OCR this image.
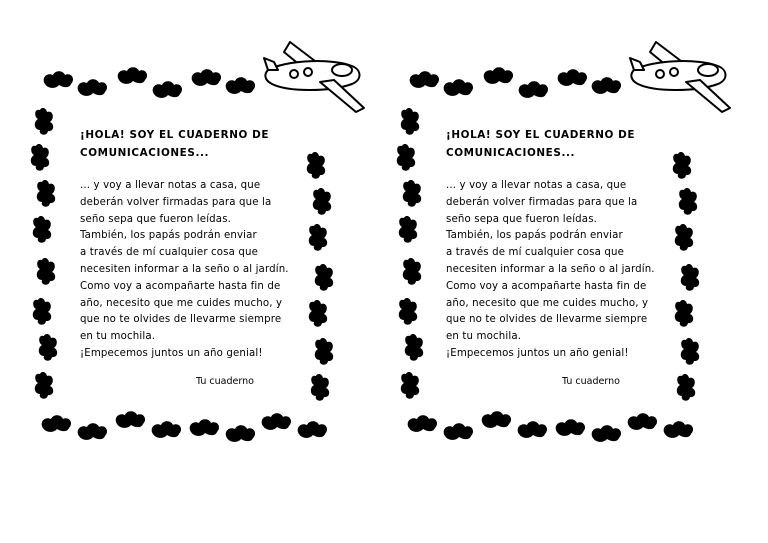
¡HOLA! SOY EL CUADERNO DE
COMUNICACIONES...
... y voy a llevar notas a casa, que
deberán volver firmadas para que la
seño sepa que fueron leídas.
También, los papás podrán enviar
a través de mí cualquier cosa que
necesiten informar a la seño o al jardín.
Como voy a acompañarte hasta fin de
año, necesito que me cuides mucho, y
que no te olvides de llevarme siempre
en tu mochila.
¡Empecemos juntos un año genial!
Tu cuaderno
¡HOLA! SOY EL CUADERNO DE
COMUNICACIONES...
... y voy a llevar notas a casa, que
deberán volver firmadas para que la
seño sepa que fueron leídas.
También, los papás podrán enviar
a través de mí cualquier cosa que
necesiten informar a la seño o al jardín.
Como voy a acompañarte hasta fin de
año, necesito que me cuides mucho, y
que no te olvides de llevarme siempre
en tu mochila.
¡Empecemos juntos un año genial!
Tu cuaderno
